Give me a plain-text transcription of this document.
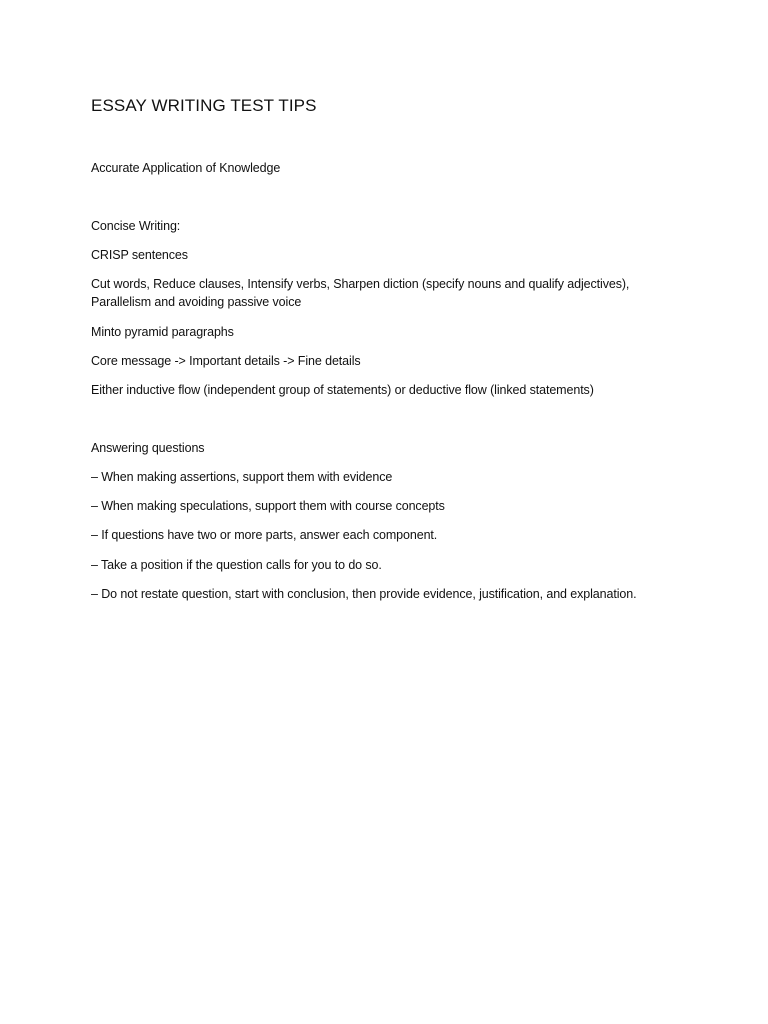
ESSAY WRITING TEST TIPS

Accurate Application of Knowledge

Concise Writing:

CRISP sentences

Cut words, Reduce clauses, Intensify verbs, Sharpen diction (specify nouns and qualify adjectives),

Parallelism and avoiding passive voice

Minto pyramid paragraphs

Core message -> Important details -> Fine details

Either inductive flow (independent group of statements) or deductive flow (linked statements)

Answering questions

– When making assertions, support them with evidence

– When making speculations, support them with course concepts

– If questions have two or more parts, answer each component.

– Take a position if the question calls for you to do so.

– Do not restate question, start with conclusion, then provide evidence, justification, and explanation.
